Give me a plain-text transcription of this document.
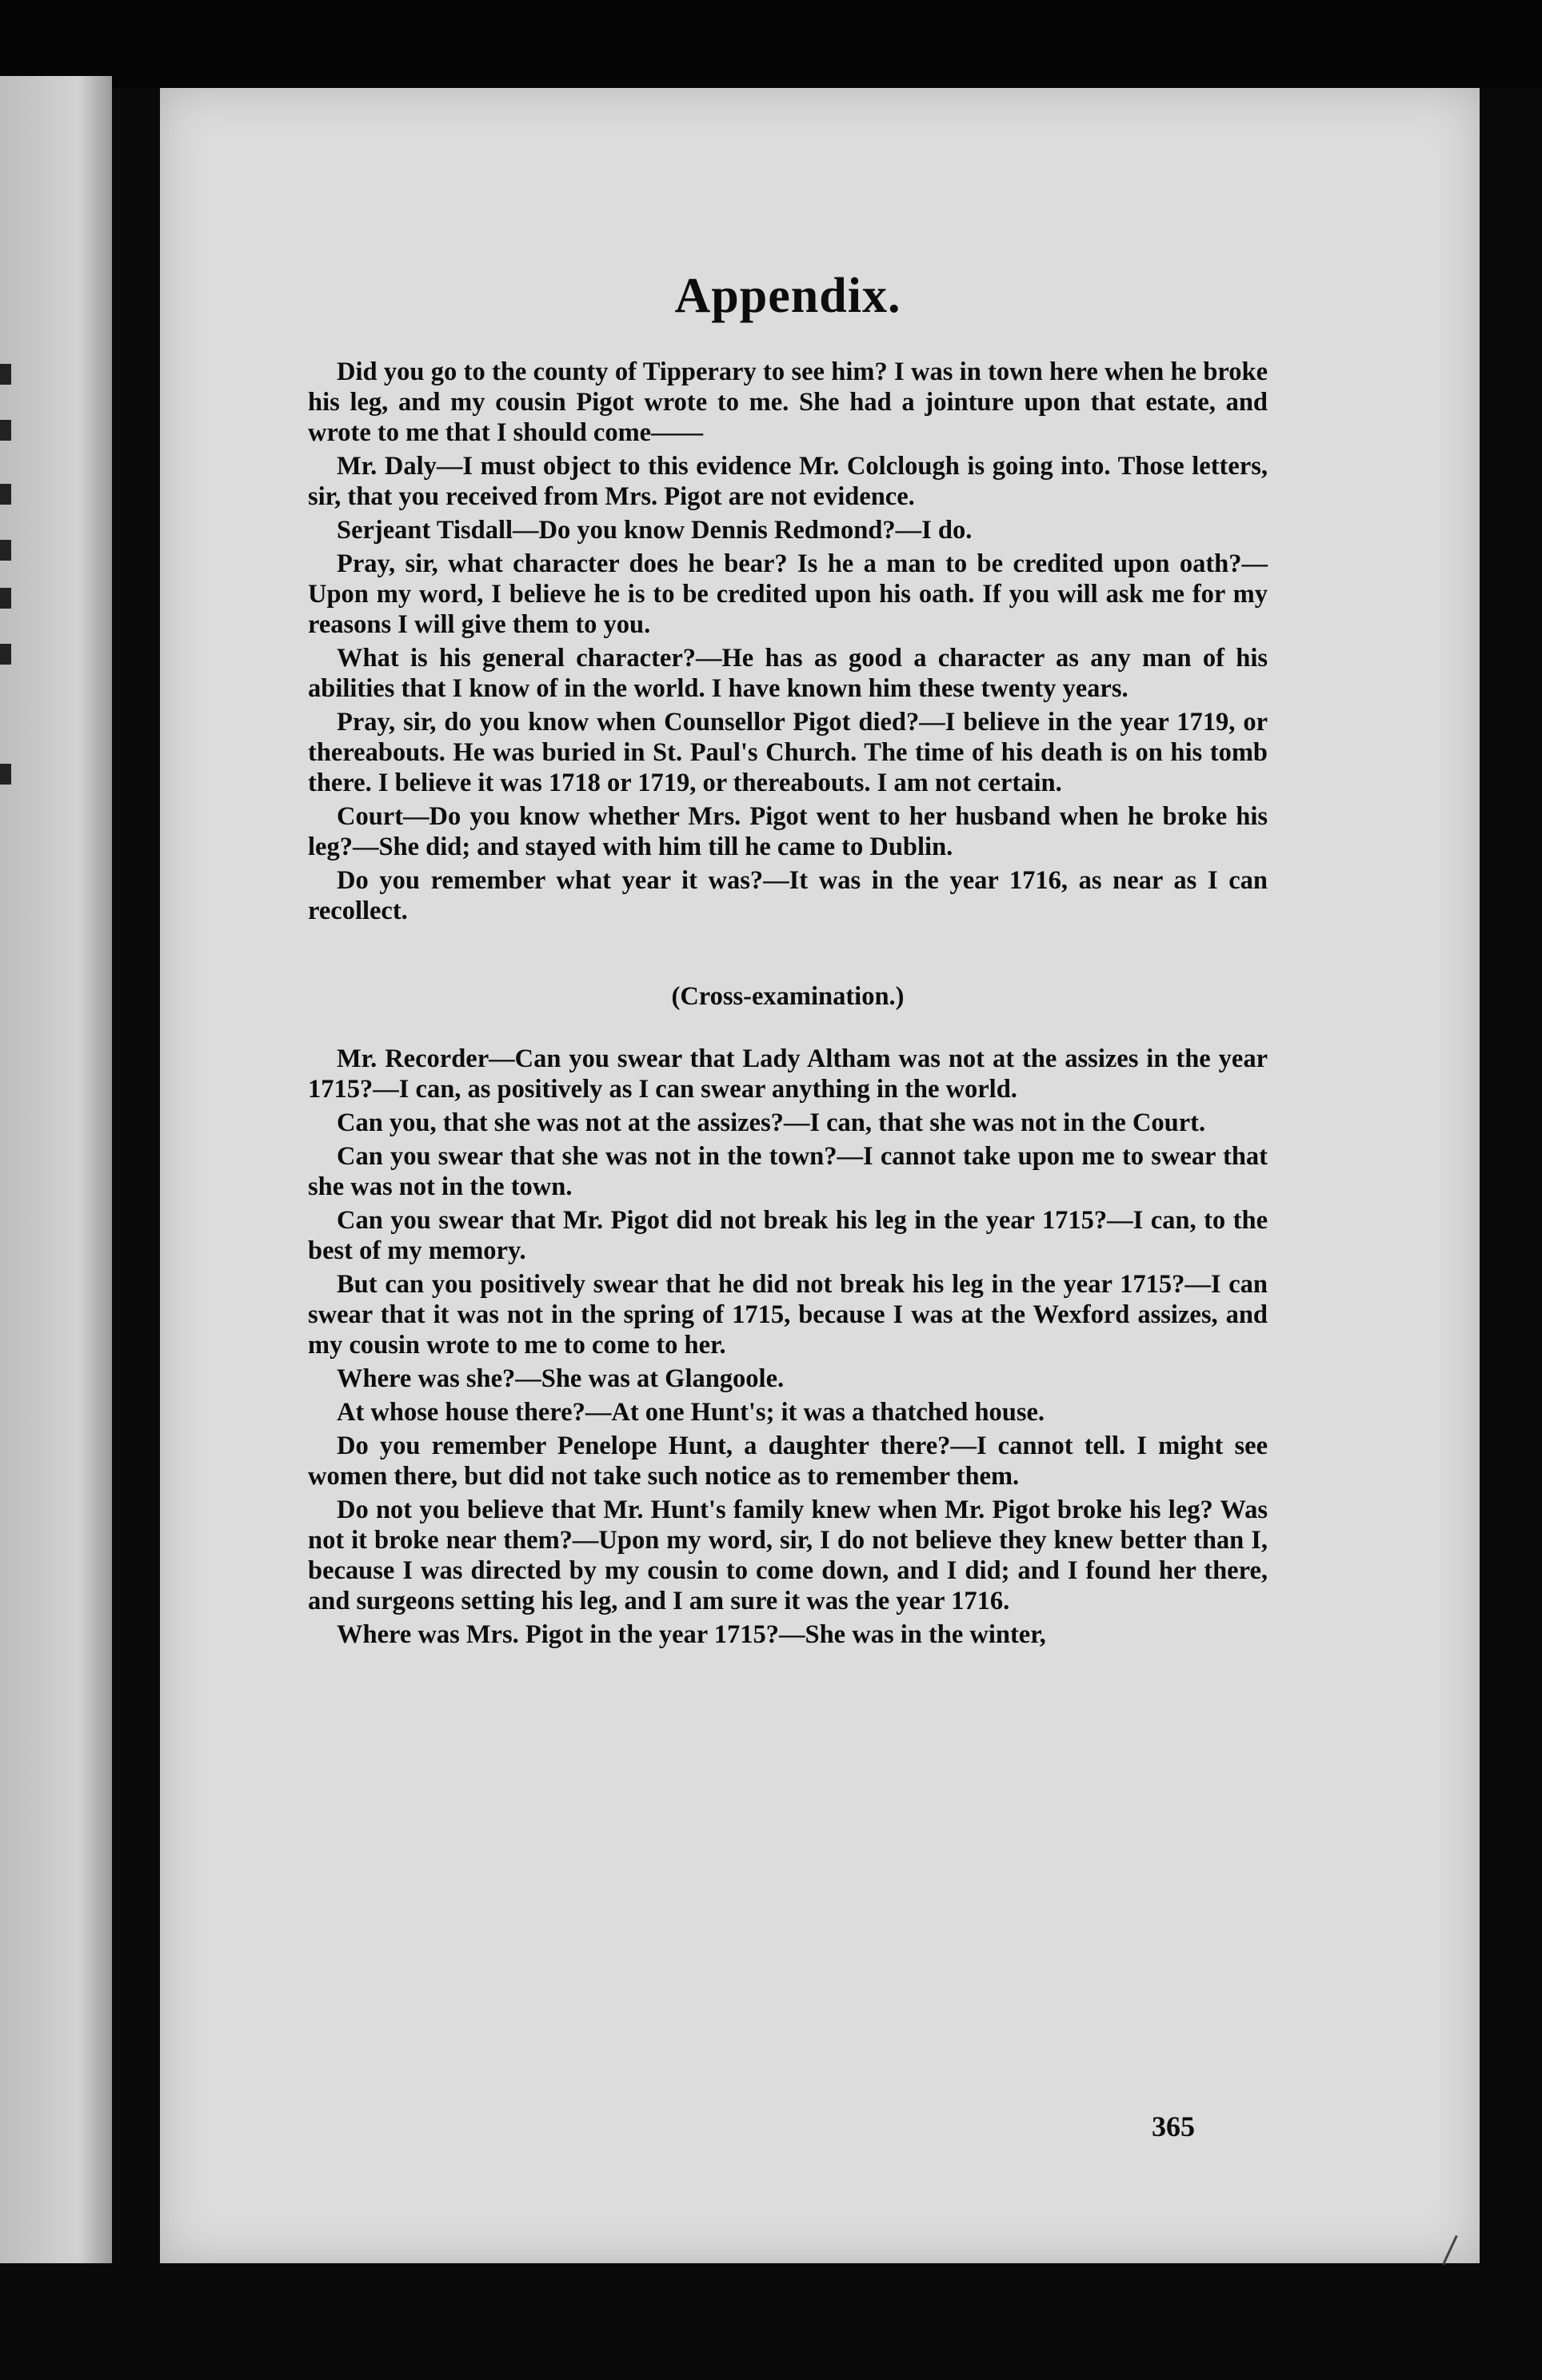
Appendix.

Did you go to the county of Tipperary to see him? I was in town here when he broke his leg, and my cousin Pigot wrote to me. She had a jointure upon that estate, and wrote to me that I should come——

Mr. Daly—I must object to this evidence Mr. Colclough is going into. Those letters, sir, that you received from Mrs. Pigot are not evidence.

Serjeant Tisdall—Do you know Dennis Redmond?—I do.

Pray, sir, what character does he bear? Is he a man to be credited upon oath?—Upon my word, I believe he is to be credited upon his oath. If you will ask me for my reasons I will give them to you.

What is his general character?—He has as good a character as any man of his abilities that I know of in the world. I have known him these twenty years.

Pray, sir, do you know when Counsellor Pigot died?—I believe in the year 1719, or thereabouts. He was buried in St. Paul's Church. The time of his death is on his tomb there. I believe it was 1718 or 1719, or thereabouts. I am not certain.

Court—Do you know whether Mrs. Pigot went to her husband when he broke his leg?—She did; and stayed with him till he came to Dublin.

Do you remember what year it was?—It was in the year 1716, as near as I can recollect.

(Cross-examination.)

Mr. Recorder—Can you swear that Lady Altham was not at the assizes in the year 1715?—I can, as positively as I can swear anything in the world.

Can you, that she was not at the assizes?—I can, that she was not in the Court.

Can you swear that she was not in the town?—I cannot take upon me to swear that she was not in the town.

Can you swear that Mr. Pigot did not break his leg in the year 1715?—I can, to the best of my memory.

But can you positively swear that he did not break his leg in the year 1715?—I can swear that it was not in the spring of 1715, because I was at the Wexford assizes, and my cousin wrote to me to come to her.

Where was she?—She was at Glangoole.

At whose house there?—At one Hunt's; it was a thatched house.

Do you remember Penelope Hunt, a daughter there?—I cannot tell. I might see women there, but did not take such notice as to remember them.

Do not you believe that Mr. Hunt's family knew when Mr. Pigot broke his leg? Was not it broke near them?—Upon my word, sir, I do not believe they knew better than I, because I was directed by my cousin to come down, and I did; and I found her there, and surgeons setting his leg, and I am sure it was the year 1716.

Where was Mrs. Pigot in the year 1715?—She was in the winter,

365
